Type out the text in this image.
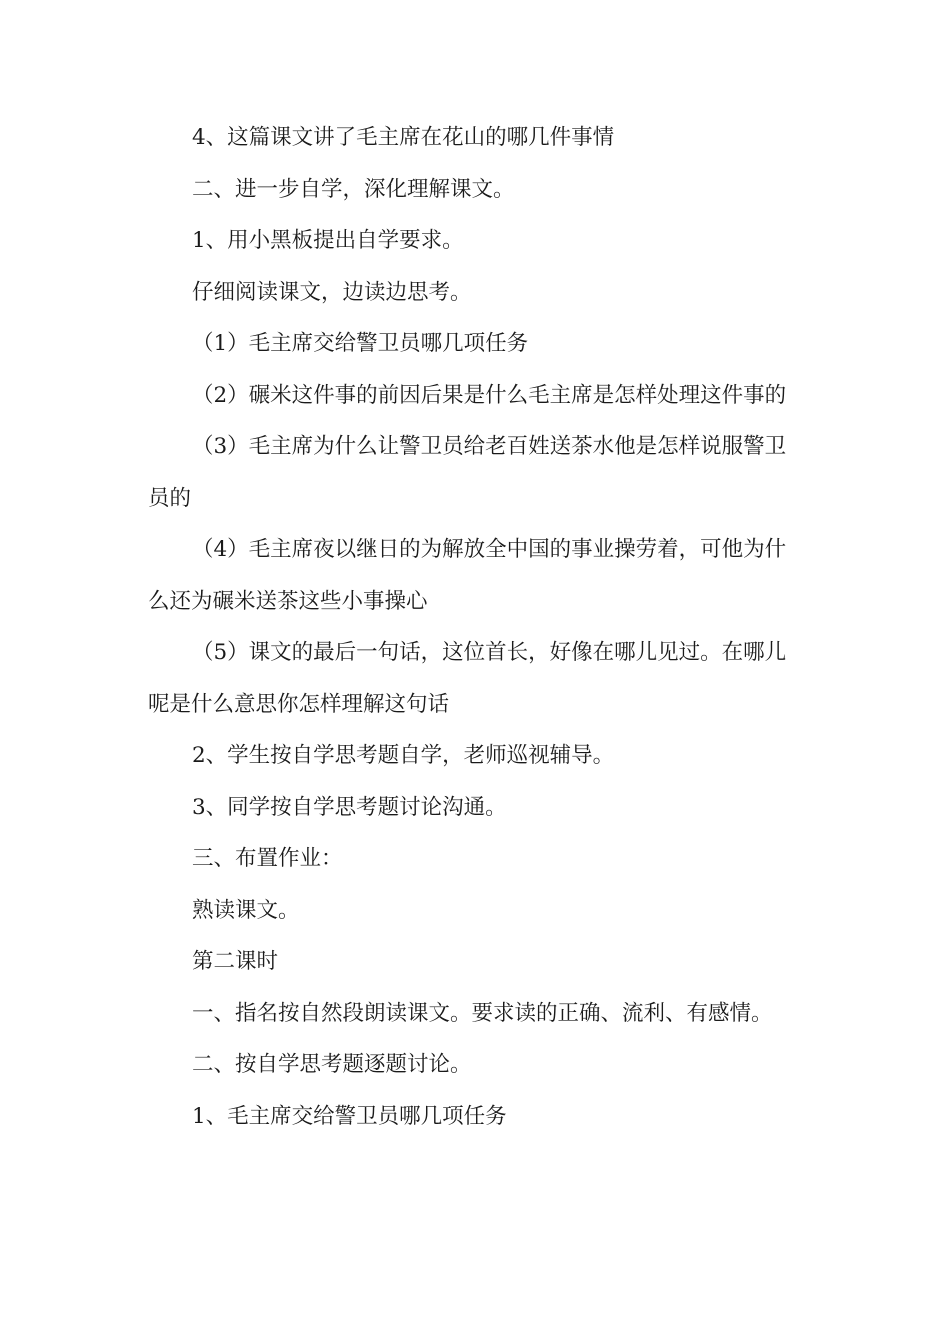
4、这篇课文讲了毛主席在花山的哪几件事情

二、进一步自学，深化理解课文。

1、用小黑板提出自学要求。

仔细阅读课文，边读边思考。

（1）毛主席交给警卫员哪几项任务

（2）碾米这件事的前因后果是什么毛主席是怎样处理这件事的

（3）毛主席为什么让警卫员给老百姓送茶水他是怎样说服警卫员的

（4）毛主席夜以继日的为解放全中国的事业操劳着，可他为什么还为碾米送茶这些小事操心

（5）课文的最后一句话，这位首长，好像在哪儿见过。在哪儿呢是什么意思你怎样理解这句话

2、学生按自学思考题自学，老师巡视辅导。

3、同学按自学思考题讨论沟通。

三、布置作业：

熟读课文。

第二课时

一、指名按自然段朗读课文。要求读的正确、流利、有感情。

二、按自学思考题逐题讨论。

1、毛主席交给警卫员哪几项任务
